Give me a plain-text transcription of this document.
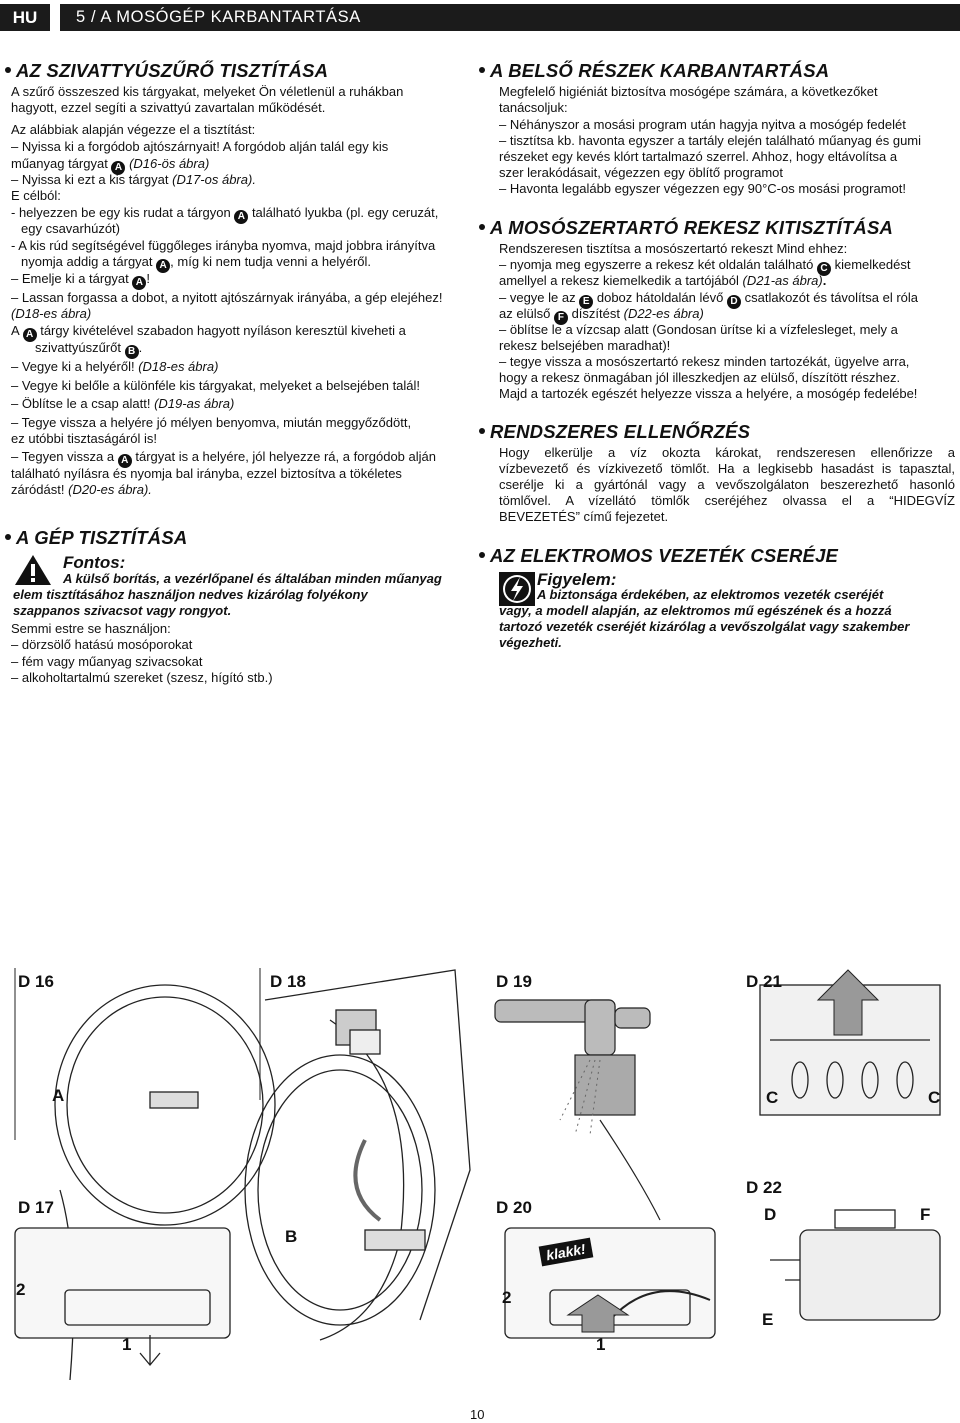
HU	5 / A MOSÓGÉP KARBANTARTÁSA
AZ SZIVATTYÚSZŰRŐ TISZTÍTÁSA
A szűrő összeszed kis tárgyakat, melyeket Ön véletlenül a ruhákban
hagyott, ezzel segíti a szivattyú zavartalan működését.
Az alábbiak alapján végezze el a tisztítást:
– Nyissa ki a forgódob ajtószárnyait! A forgódob alján talál egy kis
műanyag tárgyat A (D16-ös ábra)
– Nyissa ki ezt a kis tárgyat (D17-os ábra).
E célból:
- helyezzen be egy kis rudat a tárgyon A található lyukba (pl. egy ceruzát,
egy csavarhúzót)
- A kis rúd segítségével függőleges irányba nyomva, majd jobbra irányítva
nyomja addig a tárgyat A , míg ki nem tudja venni a helyéről.
– Emelje ki a tárgyat A !
– Lassan forgassa a dobot, a nyitott ajtószárnyak irányába, a gép elejéhez!
(D18-es ábra)
A A tárgy kivételével szabadon hagyott nyíláson keresztül kiveheti a
szivattyúszűrőt B .
– Vegye ki a helyéről! (D18-es ábra)
– Vegye ki belőle a különféle kis tárgyakat, melyeket a belsejében talál!
– Öblítse le a csap alatt! (D19-as ábra)
– Tegye vissza a helyére jó mélyen benyomva, miután meggyőződött,
ez utóbbi tisztaságáról is!
– Tegyen vissza a A tárgyat is a helyére, jól helyezze rá, a forgódob alján
található nyílásra és nyomja bal irányba, ezzel biztosítva a tökéletes
záródást! (D20-es ábra).
A GÉP TISZTÍTÁSA
Fontos:
A külső borítás, a vezérlőpanel és általában minden műanyag
elem tisztításához használjon nedves kizárólag folyékony
szappanos szivacsot vagy rongyot.
Semmi estre se használjon:
– dörzsölő hatású mosóporokat
– fém vagy műanyag szivacsokat
– alkoholtartalmú szereket (szesz, hígító stb.)
A BELSŐ RÉSZEK KARBANTARTÁSA
Megfelelő higiéniát biztosítva mosógépe számára, a következőket
tanácsoljuk:
– Néhányszor a mosási program után hagyja nyitva a mosógép fedelét
– tisztítsa kb. havonta egyszer a tartály elején található műanyag és gumi
részeket egy kevés klórt tartalmazó szerrel. Ahhoz, hogy eltávolítsa a
szer lerakódásait, végezzen egy öblítő programot
– Havonta legalább egyszer végezzen egy 90°C-os mosási programot!
A MOSÓSZERTARTÓ REKESZ KITISZTÍTÁSA
Rendszeresen tisztítsa a mosószertartó rekeszt Mind ehhez:
– nyomja meg egyszerre a rekesz két oldalán található C kiemelkedést
amellyel a rekesz kiemelkedik a tartójából (D21-as ábra).
– vegye le az E doboz hátoldalán lévő D csatlakozót és távolítsa el róla
az elülső F díszítést (D22-es ábra)
– öblítse le a vízcsap alatt (Gondosan ürítse ki a vízfelesleget, mely a
rekesz belsejében maradhat)!
– tegye vissza a mosószertartó rekesz minden tartozékát, ügyelve arra,
hogy a rekesz önmagában jól illeszkedjen az elülső, díszítött részhez.
Majd a tartozék egészét helyezze vissza a helyére, a mosógép fedelébe!
RENDSZERES ELLENŐRZÉS
Hogy elkerülje a víz okozta károkat, rendszeresen ellenőrizze a
vízbevezető és vízkivezető tömlőt. Ha a legkisebb hasadást is tapasztal,
cserélje ki a gyártónál vagy a vevőszolgálaton beszerezhető hasonló
tömlővel. A vízellátó tömlők cseréjéhez olvassa el a “HIDEGVÍZ
BEVEZETÉS” című fejezetet.
AZ ELEKTROMOS VEZETÉK CSERÉJE
Figyelem:
A biztonsága érdekében, az elektromos vezeték cseréjét
vagy, a modell alapján, az elektromos mű egészének és a hozzá
tartozó vezeték cseréjét kizárólag a vevőszolgálat vagy szakember
végezheti.
D 16	D 18	D 19	D 21
D 17	D 20
D 22
A
B
C	C
D	F
E
klakk!
2
1
2
1
10
